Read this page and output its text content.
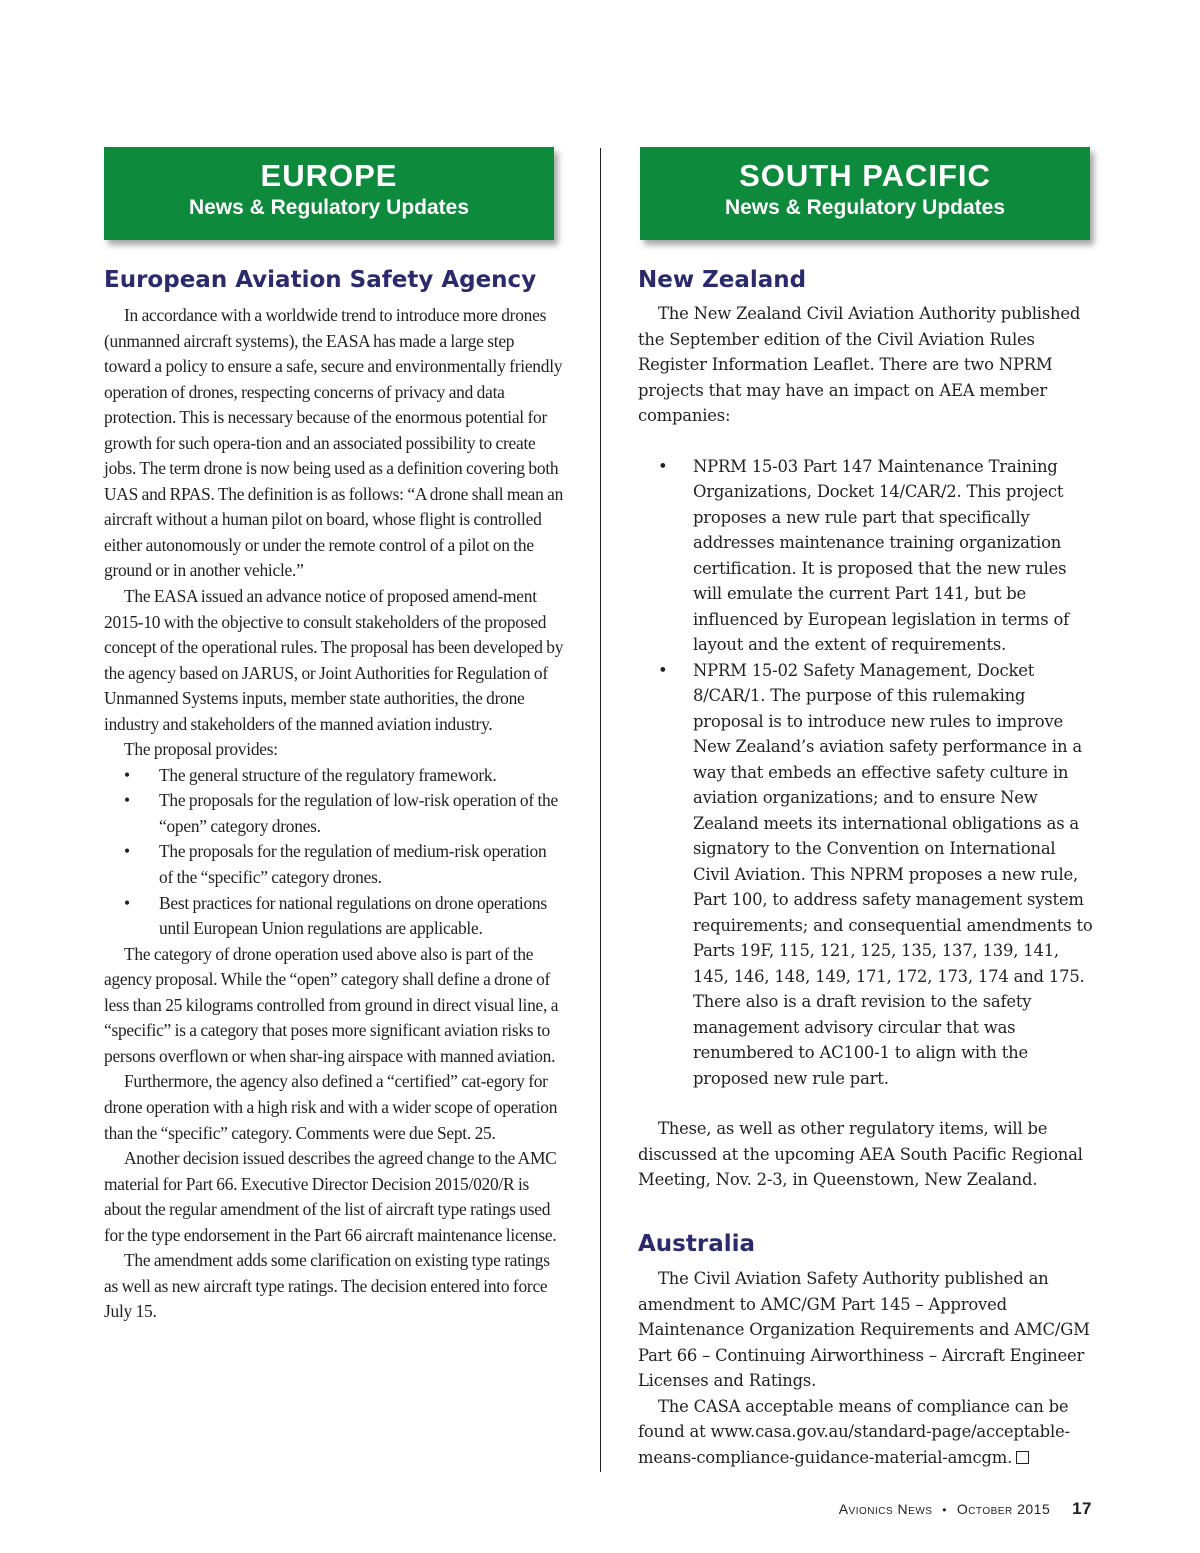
EUROPE
News & Regulatory Updates
SOUTH PACIFIC
News & Regulatory Updates
European Aviation Safety Agency

In accordance with a worldwide trend to introduce more drones (unmanned aircraft systems), the EASA has made a large step toward a policy to ensure a safe, secure and environmentally friendly operation of drones, respecting concerns of privacy and data protection. This is necessary because of the enormous potential for growth for such opera-tion and an associated possibility to create jobs. The term drone is now being used as a definition covering both UAS and RPAS. The definition is as follows: “A drone shall mean an aircraft without a human pilot on board, whose flight is controlled either autonomously or under the remote control of a pilot on the ground or in another vehicle.”

The EASA issued an advance notice of proposed amend-ment 2015-10 with the objective to consult stakeholders of the proposed concept of the operational rules. The proposal has been developed by the agency based on JARUS, or Joint Authorities for Regulation of Unmanned Systems inputs, member state authorities, the drone industry and stakeholders of the manned aviation industry.

The proposal provides:

• The general structure of the regulatory framework.
• The proposals for the regulation of low-risk operation of the “open” category drones.
• The proposals for the regulation of medium-risk operation of the “specific” category drones.
• Best practices for national regulations on drone operations until European Union regulations are applicable.

The category of drone operation used above also is part of the agency proposal. While the “open” category shall define a drone of less than 25 kilograms controlled from ground in direct visual line, a “specific” is a category that poses more significant aviation risks to persons overflown or when shar-ing airspace with manned aviation.

Furthermore, the agency also defined a “certified” cat-egory for drone operation with a high risk and with a wider scope of operation than the “specific” category. Comments were due Sept. 25.

Another decision issued describes the agreed change to the AMC material for Part 66. Executive Director Decision 2015/020/R is about the regular amendment of the list of aircraft type ratings used for the type endorsement in the Part 66 aircraft maintenance license.

The amendment adds some clarification on existing type ratings as well as new aircraft type ratings. The decision entered into force July 15.

New Zealand

The New Zealand Civil Aviation Authority published the September edition of the Civil Aviation Rules Register Information Leaflet. There are two NPRM projects that may have an impact on AEA member companies:

• NPRM 15-03 Part 147 Maintenance Training Organizations, Docket 14/CAR/2. This project proposes a new rule part that specifically addresses maintenance training organization certification. It is proposed that the new rules will emulate the current Part 141, but be influenced by European legislation in terms of layout and the extent of requirements.
• NPRM 15-02 Safety Management, Docket 8/CAR/1. The purpose of this rulemaking proposal is to introduce new rules to improve New Zealand’s aviation safety performance in a way that embeds an effective safety culture in aviation organizations; and to ensure New Zealand meets its international obligations as a signatory to the Convention on International Civil Aviation. This NPRM proposes a new rule, Part 100, to address safety management system requirements; and consequential amendments to Parts 19F, 115, 121, 125, 135, 137, 139, 141, 145, 146, 148, 149, 171, 172, 173, 174 and 175. There also is a draft revision to the safety management advisory circular that was renumbered to AC100-1 to align with the proposed new rule part.

These, as well as other regulatory items, will be discussed at the upcoming AEA South Pacific Regional Meeting, Nov. 2-3, in Queenstown, New Zealand.

Australia

The Civil Aviation Safety Authority published an amendment to AMC/GM Part 145 – Approved Maintenance Organization Requirements and AMC/GM Part 66 – Continuing Airworthiness – Aircraft Engineer Licenses and Ratings.

The CASA acceptable means of compliance can be found at www.casa.gov.au/standard-page/acceptable-means-compliance-guidance-material-amcgm.

Avionics News • October 2015 17
